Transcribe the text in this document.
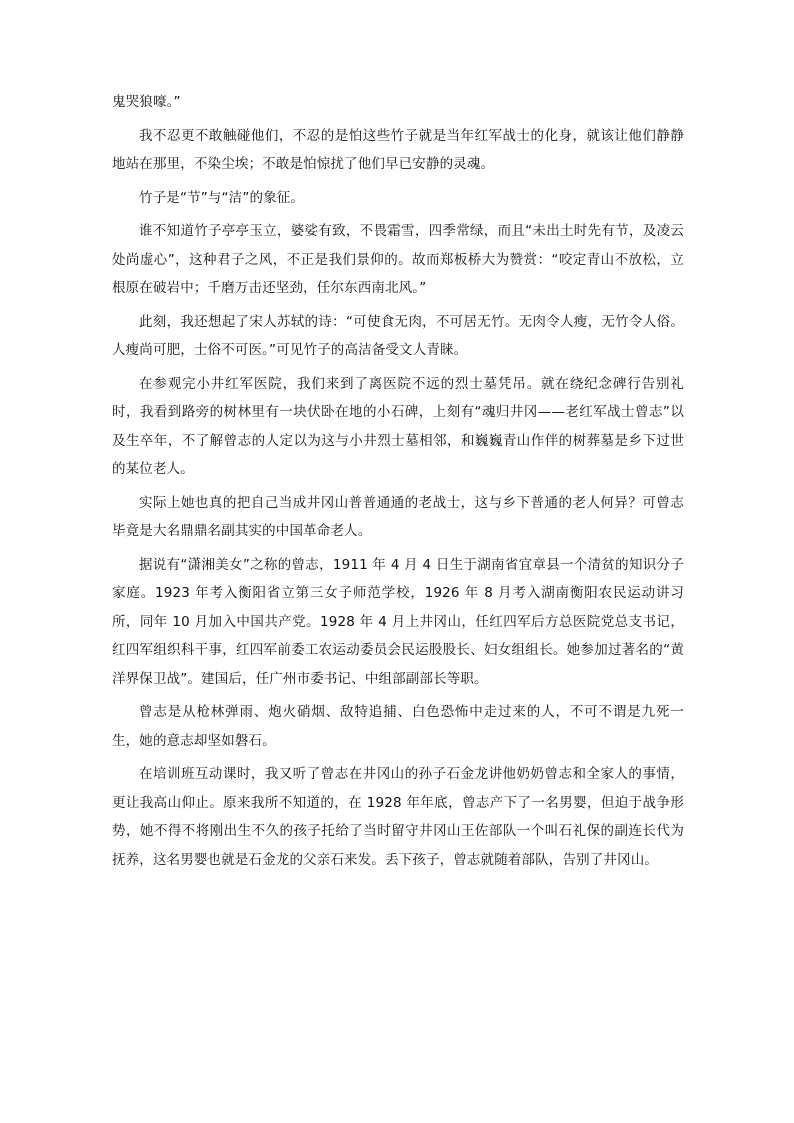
鬼哭狼嚎。”

我不忍更不敢触碰他们，不忍的是怕这些竹子就是当年红军战士的化身，就该让他们静静地站在那里，不染尘埃；不敢是怕惊扰了他们早已安静的灵魂。

竹子是“节”与“洁”的象征。

谁不知道竹子亭亭玉立，婆娑有致，不畏霜雪，四季常绿，而且“未出土时先有节，及凌云处尚虚心”，这种君子之风，不正是我们景仰的。故而郑板桥大为赞赏：“咬定青山不放松，立根原在破岩中；千磨万击还坚劲，任尔东西南北风。”

此刻，我还想起了宋人苏轼的诗：“可使食无肉，不可居无竹。无肉令人瘦，无竹令人俗。人瘦尚可肥，士俗不可医。”可见竹子的高洁备受文人青睐。

在参观完小井红军医院，我们来到了离医院不远的烈士墓凭吊。就在绕纪念碑行告别礼时，我看到路旁的树林里有一块伏卧在地的小石碑，上刻有“魂归井冈——老红军战士曾志”以及生卒年，不了解曾志的人定以为这与小井烈士墓相邻，和巍巍青山作伴的树葬墓是乡下过世的某位老人。

实际上她也真的把自己当成井冈山普普通通的老战士，这与乡下普通的老人何异？可曾志毕竟是大名鼎鼎名副其实的中国革命老人。

据说有“潇湘美女”之称的曾志，1911 年 4 月 4 日生于湖南省宜章县一个清贫的知识分子家庭。1923 年考入衡阳省立第三女子师范学校，1926 年 8 月考入湖南衡阳农民运动讲习所，同年 10 月加入中国共产党。1928 年 4 月上井冈山，任红四军后方总医院党总支书记，红四军组织科干事，红四军前委工农运动委员会民运股股长、妇女组组长。她参加过著名的“黄洋界保卫战”。建国后，任广州市委书记、中组部副部长等职。

曾志是从枪林弹雨、炮火硝烟、敌特追捕、白色恐怖中走过来的人，不可不谓是九死一生，她的意志却坚如磐石。

在培训班互动课时，我又听了曾志在井冈山的孙子石金龙讲他奶奶曾志和全家人的事情，更让我高山仰止。原来我所不知道的，在 1928 年年底，曾志产下了一名男婴，但迫于战争形势，她不得不将刚出生不久的孩子托给了当时留守井冈山王佐部队一个叫石礼保的副连长代为抚养，这名男婴也就是石金龙的父亲石来发。丢下孩子，曾志就随着部队，告别了井冈山。
